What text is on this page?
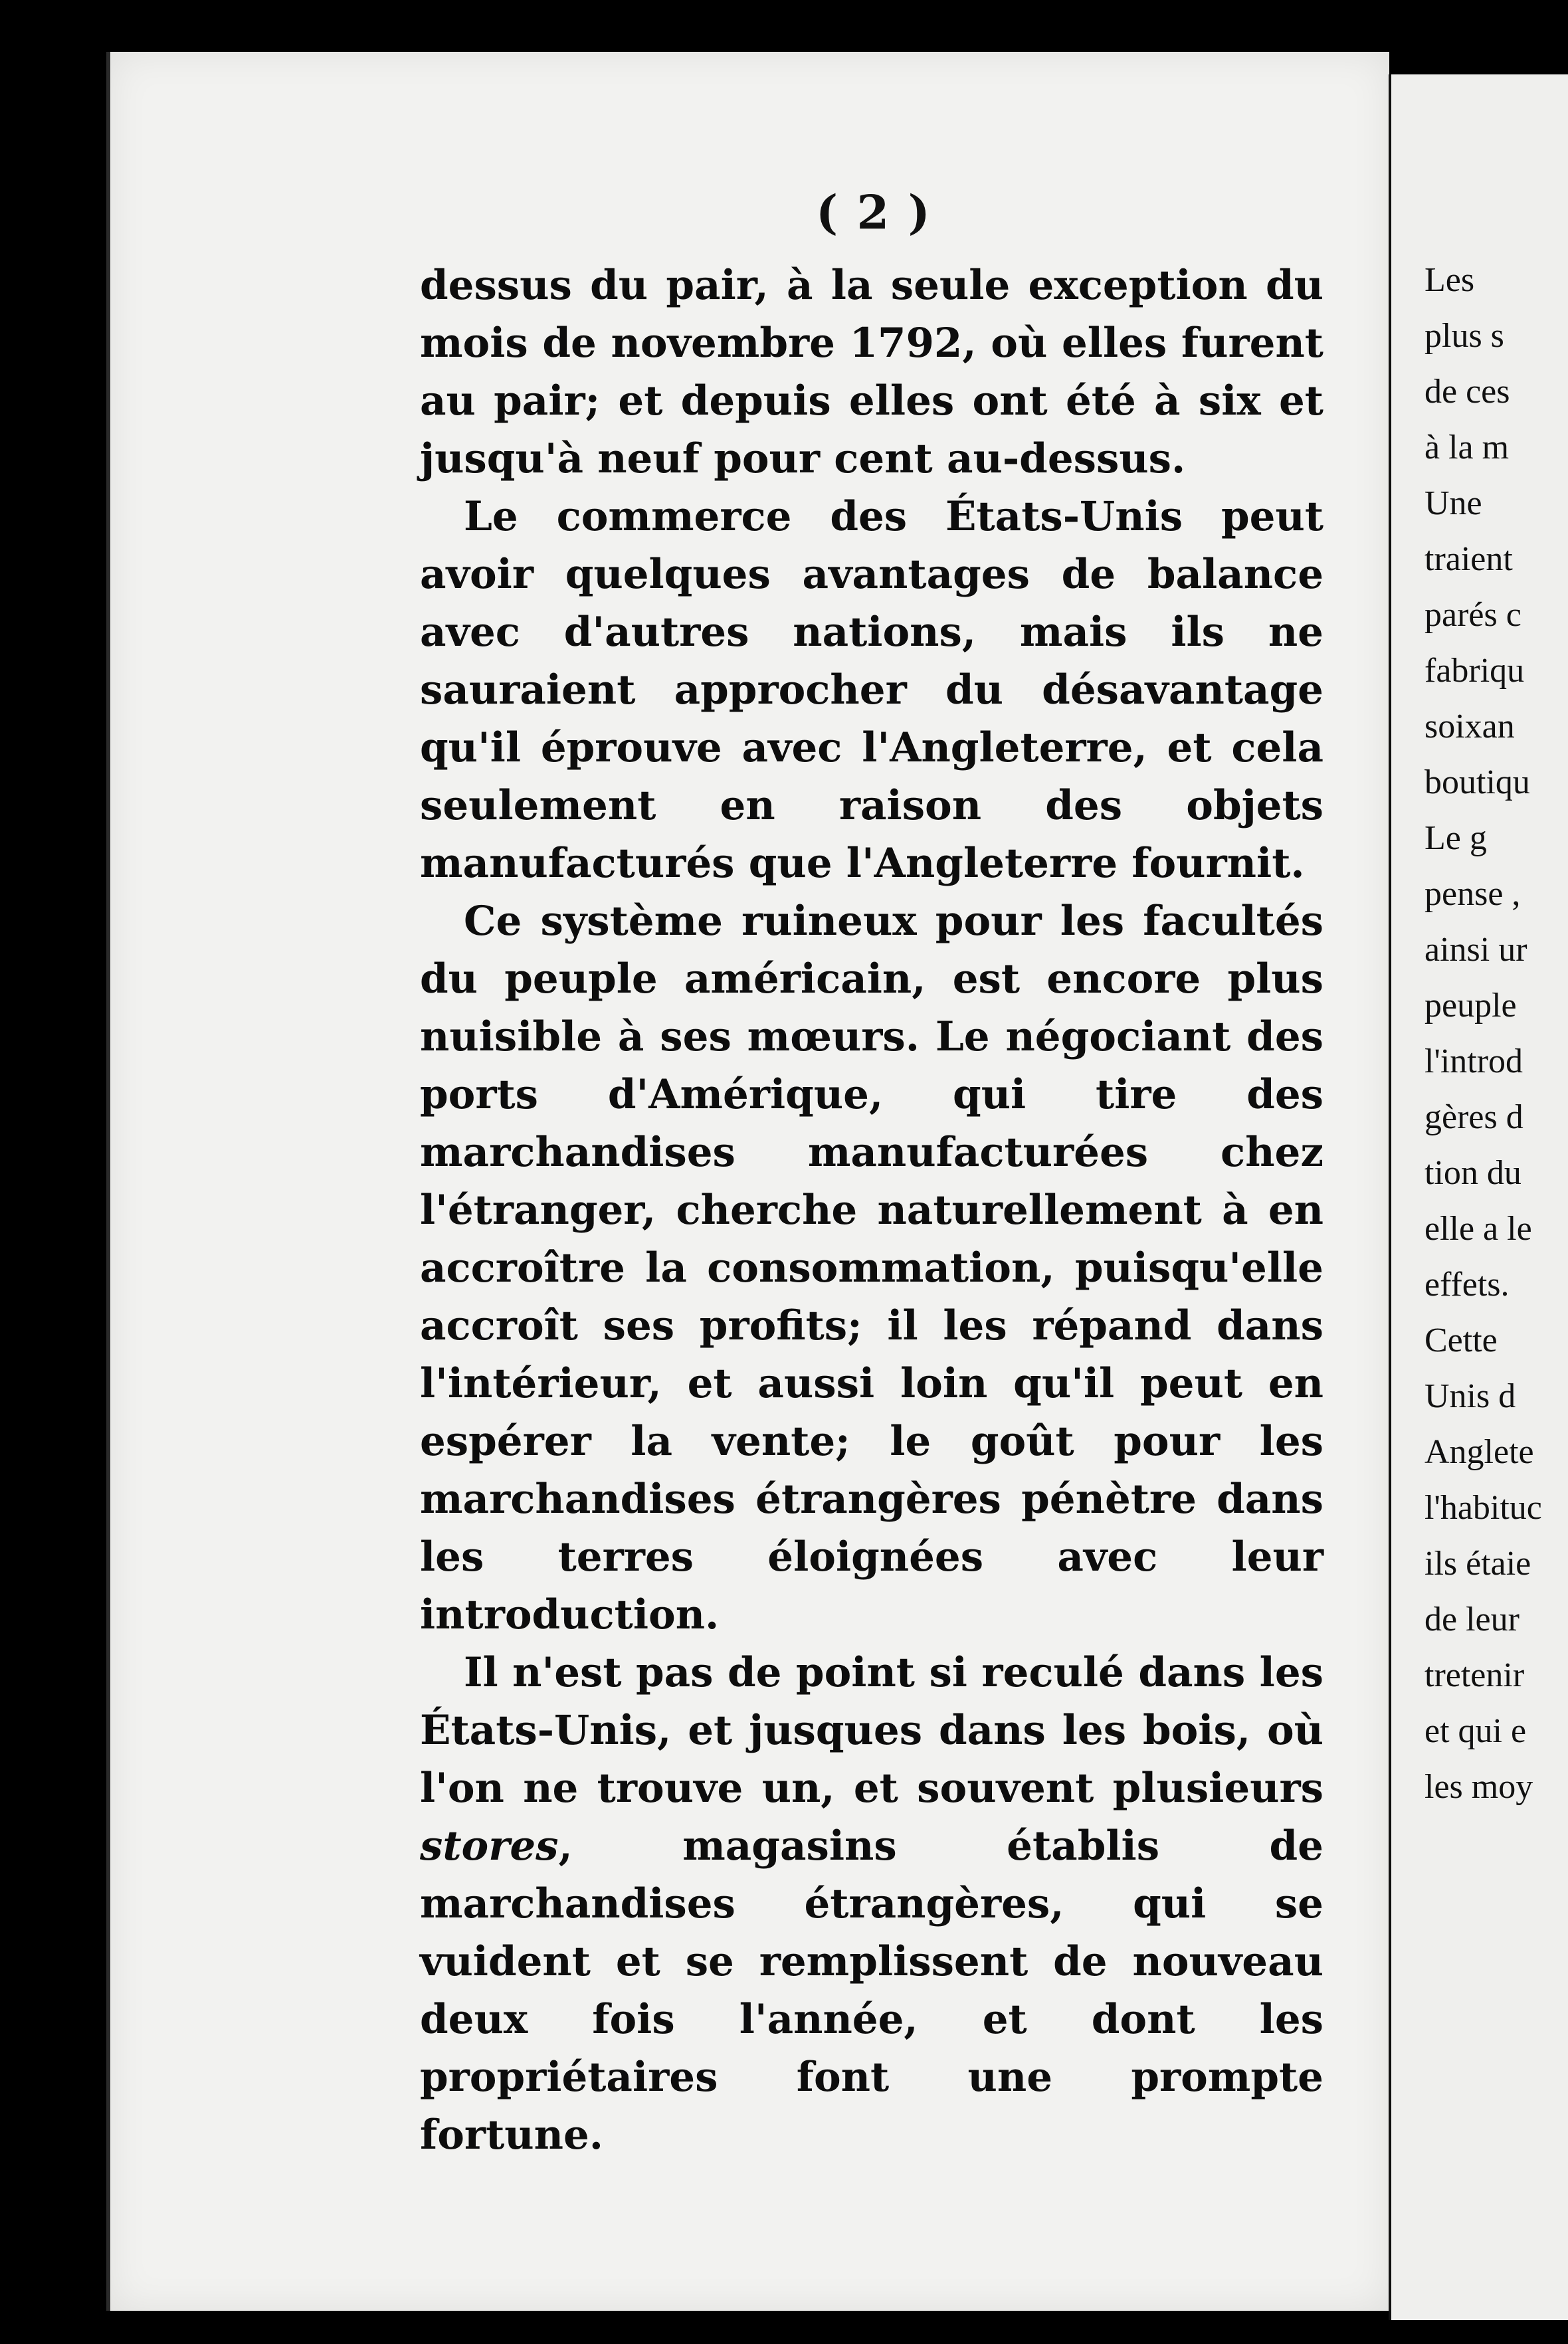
( 2 )

dessus du pair, à la seule exception du mois de novembre 1792, où elles furent au pair; et depuis elles ont été à six et jusqu'à neuf pour cent au-dessus.

Le commerce des États-Unis peut avoir quelques avantages de balance avec d'autres nations, mais ils ne sauraient approcher du désavantage qu'il éprouve avec l'Angleterre, et cela seulement en raison des objets manufacturés que l'Angleterre fournit.

Ce système ruineux pour les facultés du peuple américain, est encore plus nuisible à ses mœurs. Le négociant des ports d'Amérique, qui tire des marchandises manufacturées chez l'étranger, cherche naturellement à en accroître la consommation, puisqu'elle accroît ses profits; il les répand dans l'intérieur, et aussi loin qu'il peut en espérer la vente; le goût pour les marchandises étrangères pénètre dans les terres éloignées avec leur introduction.

Il n'est pas de point si reculé dans les États-Unis, et jusques dans les bois, où l'on ne trouve un, et souvent plusieurs stores, magasins établis de marchandises étrangères, qui se vuident et se remplissent de nouveau deux fois l'année, et dont les propriétaires font une prompte fortune.

Les
plus s
de ces
à la m
Une
traient
parés c
fabriqu
soixan
boutiqu
Le g
pense ,
ainsi ur
peuple
l'introd
gères d
tion du
elle a le
effets.
Cette
Unis d
Anglete
l'habituc
ils étaie
de leur
tretenir
et qui e
les moy
